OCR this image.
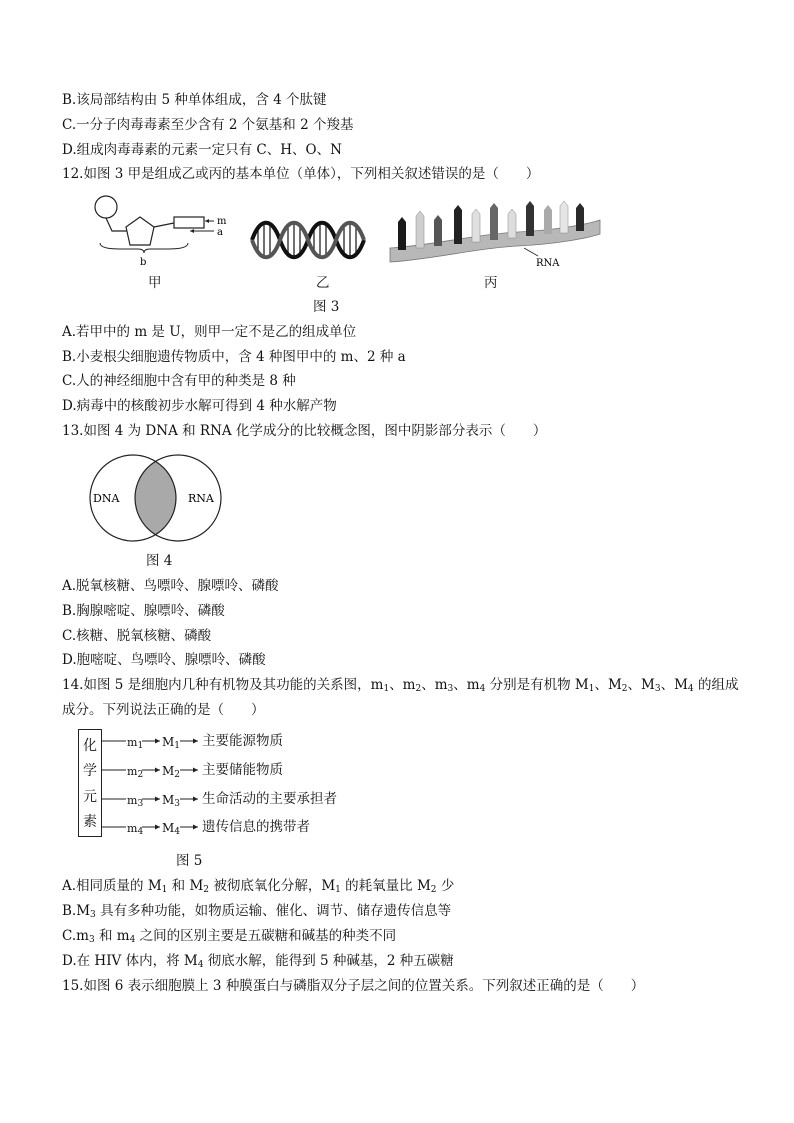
B.该局部结构由 5 种单体组成，含 4 个肽键
C.一分子肉毒毒素至少含有 2 个氨基和 2 个羧基
D.组成肉毒毒素的元素一定只有 C、H、O、N
12.如图 3 甲是组成乙或丙的基本单位（单体），下列相关叙述错误的是（　　）
m
a
b	RNA
甲	乙	丙
图 3
A.若甲中的 m 是 U，则甲一定不是乙的组成单位
B.小麦根尖细胞遗传物质中，含 4 种图甲中的 m、2 种 a
C.人的神经细胞中含有甲的种类是 8 种
D.病毒中的核酸初步水解可得到 4 种水解产物
13.如图 4 为 DNA 和 RNA 化学成分的比较概念图，图中阴影部分表示（　　）
DNA	RNA
图 4
A.脱氧核糖、鸟嘌呤、腺嘌呤、磷酸
B.胸腺嘧啶、腺嘌呤、磷酸
C.核糖、脱氧核糖、磷酸
D.胞嘧啶、鸟嘌呤、腺嘌呤、磷酸
14.如图 5 是细胞内几种有机物及其功能的关系图，$m_1$、$m_2$、$m_3$、$m_4$ 分别是有机物 $M_1$、$M_2$、$M_3$、$M_4$ 的组成
成分。下列说法正确的是（　　）
化
学
元
素
$m_1$
$m_2$
$m_3$
$m_4$
$M_1$
$M_2$
$M_3$
$M_4$
主要能源物质
主要储能物质
生命活动的主要承担者
遗传信息的携带者
图 5
A.相同质量的 $M_1$ 和 $M_2$ 被彻底氧化分解，$M_1$ 的耗氧量比 $M_2$ 少
$B.M_3$ 具有多种功能，如物质运输、催化、调节、储存遗传信息等
$C.m_3$ 和 $m_4$ 之间的区别主要是五碳糖和碱基的种类不同
D.在 HIV 体内，将 $M_4$ 彻底水解，能得到 5 种碱基，2 种五碳糖
15.如图 6 表示细胞膜上 3 种膜蛋白与磷脂双分子层之间的位置关系。下列叙述正确的是（　　）
